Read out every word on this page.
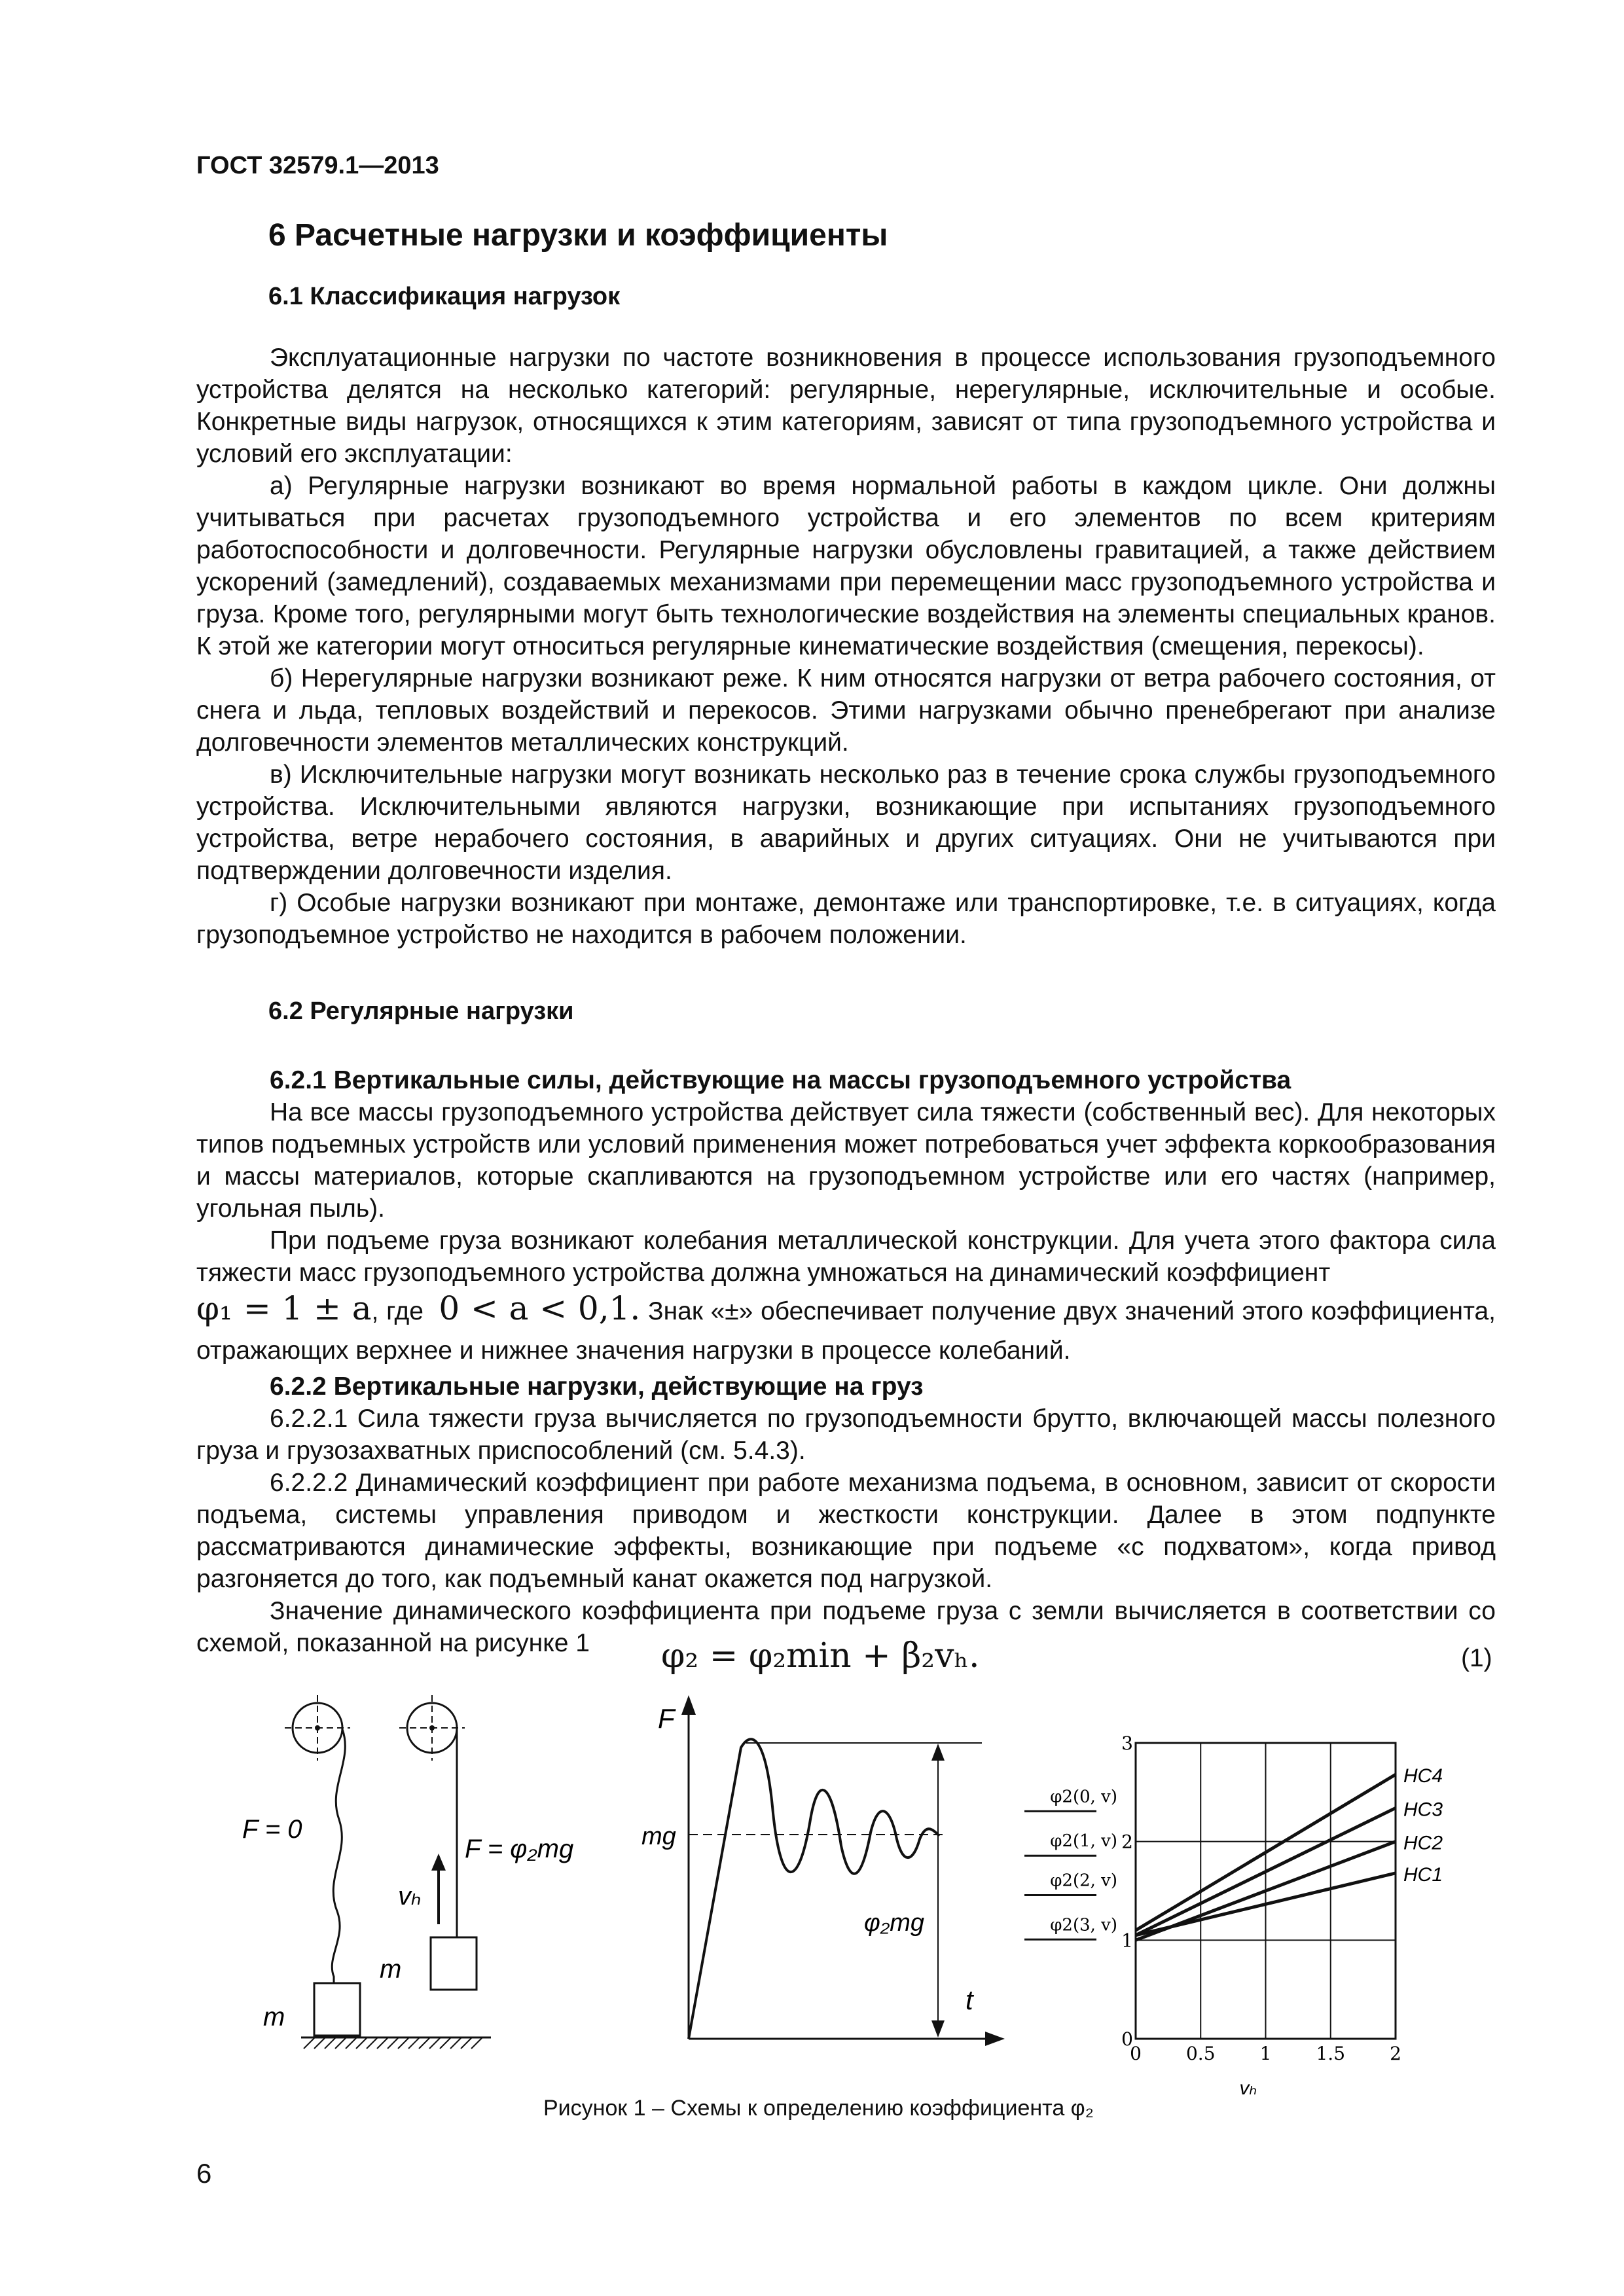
ГОСТ 32579.1—2013
6 Расчетные нагрузки и коэффициенты
6.1 Классификация нагрузок

Эксплуатационные нагрузки по частоте возникновения в процессе использования грузоподъемного устройства делятся на несколько категорий: регулярные, нерегулярные, исключительные и особые. Конкретные виды нагрузок, относящихся к этим категориям, зависят от типа грузоподъемного устройства и условий его эксплуатации:

а) Регулярные нагрузки возникают во время нормальной работы в каждом цикле. Они должны учитываться при расчетах грузоподъемного устройства и его элементов по всем критериям работоспособности и долговечности. Регулярные нагрузки обусловлены гравитацией, а также действием ускорений (замедлений), создаваемых механизмами при перемещении масс грузоподъемного устройства и груза. Кроме того, регулярными могут быть технологические воздействия на элементы специальных кранов. К этой же категории могут относиться регулярные кинематические воздействия (смещения, перекосы).

б) Нерегулярные нагрузки возникают реже. К ним относятся нагрузки от ветра рабочего состояния, от снега и льда, тепловых воздействий и перекосов. Этими нагрузками обычно пренебрегают при анализе долговечности элементов металлических конструкций.

в) Исключительные нагрузки могут возникать несколько раз в течение срока службы грузоподъемного устройства. Исключительными являются нагрузки, возникающие при испытаниях грузоподъемного устройства, ветре нерабочего состояния, в аварийных и других ситуациях. Они не учитываются при подтверждении долговечности изделия.

г) Особые нагрузки возникают при монтаже, демонтаже или транспортировке, т.е. в ситуациях, когда грузоподъемное устройство не находится в рабочем положении.

6.2 Регулярные нагрузки

6.2.1 Вертикальные силы, действующие на массы грузоподъемного устройства

На все массы грузоподъемного устройства действует сила тяжести (собственный вес). Для некоторых типов подъемных устройств или условий применения может потребоваться учет эффекта коркообразования и массы материалов, которые скапливаются на грузоподъемном устройстве или его частях (например, угольная пыль).

При подъеме груза возникают колебания металлической конструкции. Для учета этого фактора сила тяжести масс грузоподъемного устройства должна умножаться на динамический коэффициент

φ₁ = 1 ± a, где 0 < a < 0,1. Знак «±» обеспечивает получение двух значений этого коэффициента, отражающих верхнее и нижнее значения нагрузки в процессе колебаний.

6.2.2 Вертикальные нагрузки, действующие на груз

6.2.2.1 Сила тяжести груза вычисляется по грузоподъемности брутто, включающей массы полезного груза и грузозахватных приспособлений (см. 5.4.3).

6.2.2.2 Динамический коэффициент при работе механизма подъема, в основном, зависит от скорости подъема, системы управления приводом и жесткости конструкции. Далее в этом подпункте рассматриваются динамические эффекты, возникающие при подъеме «с подхватом», когда привод разгоняется до того, как подъемный канат окажется под нагрузкой.

Значение динамического коэффициента при подъеме груза с земли вычисляется в соответствии со схемой, показанной на рисунке 1	φ₂ = φ₂min + β₂vₕ.	(1)
F = 0
m
F = φ₂mg
vₕ
m
F
t
mg
φ₂mg
vₕ
0 0.5 1 1.5 2
0
1
2
3
φ2(0, v)
φ2(1, v)
φ2(2, v)
φ2(3, v)
HC4
HC3
HC2
HC1
Рисунок 1 – Схемы к определению коэффициента φ₂
6
